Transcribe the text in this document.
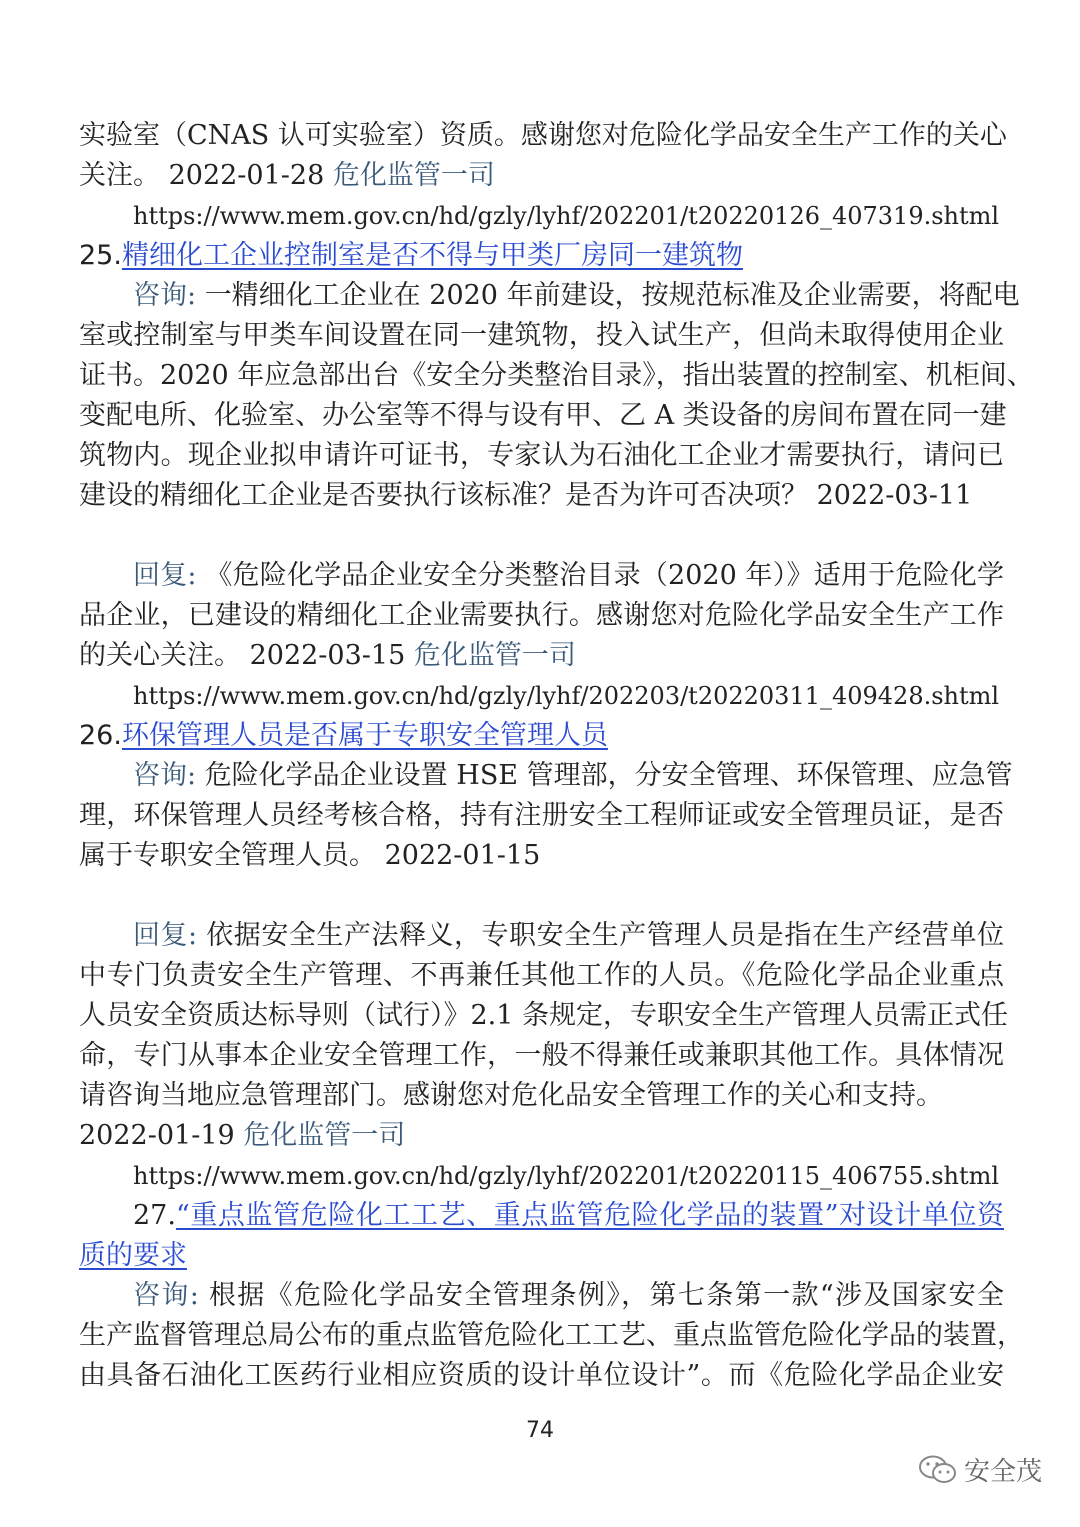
实验室（CNAS 认可实验室）资质。感谢您对危险化学品安全生产工作的关心
关注。 2022-01-28 危化监管一司
https://www.mem.gov.cn/hd/gzly/lyhf/202201/t20220126_407319.shtml
25.精细化工企业控制室是否不得与甲类厂房同一建筑物
咨询: 一精细化工企业在 2020 年前建设，按规范标准及企业需要，将配电
室或控制室与甲类车间设置在同一建筑物，投入试生产，但尚未取得使用企业
证书。2020 年应急部出台《安全分类整治目录》，指出装置的控制室、机柜间、
变配电所、化验室、办公室等不得与设有甲、乙 A 类设备的房间布置在同一建
筑物内。现企业拟申请许可证书，专家认为石油化工企业才需要执行，请问已
建设的精细化工企业是否要执行该标准？是否为许可否决项？ 2022-03-11
回复: 《危险化学品企业安全分类整治目录（2020 年）》适用于危险化学
品企业，已建设的精细化工企业需要执行。感谢您对危险化学品安全生产工作
的关心关注。 2022-03-15 危化监管一司
https://www.mem.gov.cn/hd/gzly/lyhf/202203/t20220311_409428.shtml
26.环保管理人员是否属于专职安全管理人员
咨询: 危险化学品企业设置 HSE 管理部，分安全管理、环保管理、应急管
理，环保管理人员经考核合格，持有注册安全工程师证或安全管理员证，是否
属于专职安全管理人员。 2022-01-15
回复: 依据安全生产法释义，专职安全生产管理人员是指在生产经营单位
中专门负责安全生产管理、不再兼任其他工作的人员。《危险化学品企业重点
人员安全资质达标导则（试行）》2.1 条规定，专职安全生产管理人员需正式任
命，专门从事本企业安全管理工作，一般不得兼任或兼职其他工作。具体情况
请咨询当地应急管理部门。感谢您对危化品安全管理工作的关心和支持。
2022-01-19 危化监管一司
https://www.mem.gov.cn/hd/gzly/lyhf/202201/t20220115_406755.shtml
27.“重点监管危险化工工艺、重点监管危险化学品的装置”对设计单位资
质的要求
咨询: 根据《危险化学品安全管理条例》，第七条第一款“涉及国家安全
生产监督管理总局公布的重点监管危险化工工艺、重点监管危险化学品的装置，
由具备石油化工医药行业相应资质的设计单位设计”。而《危险化学品企业安
74
安全茂
